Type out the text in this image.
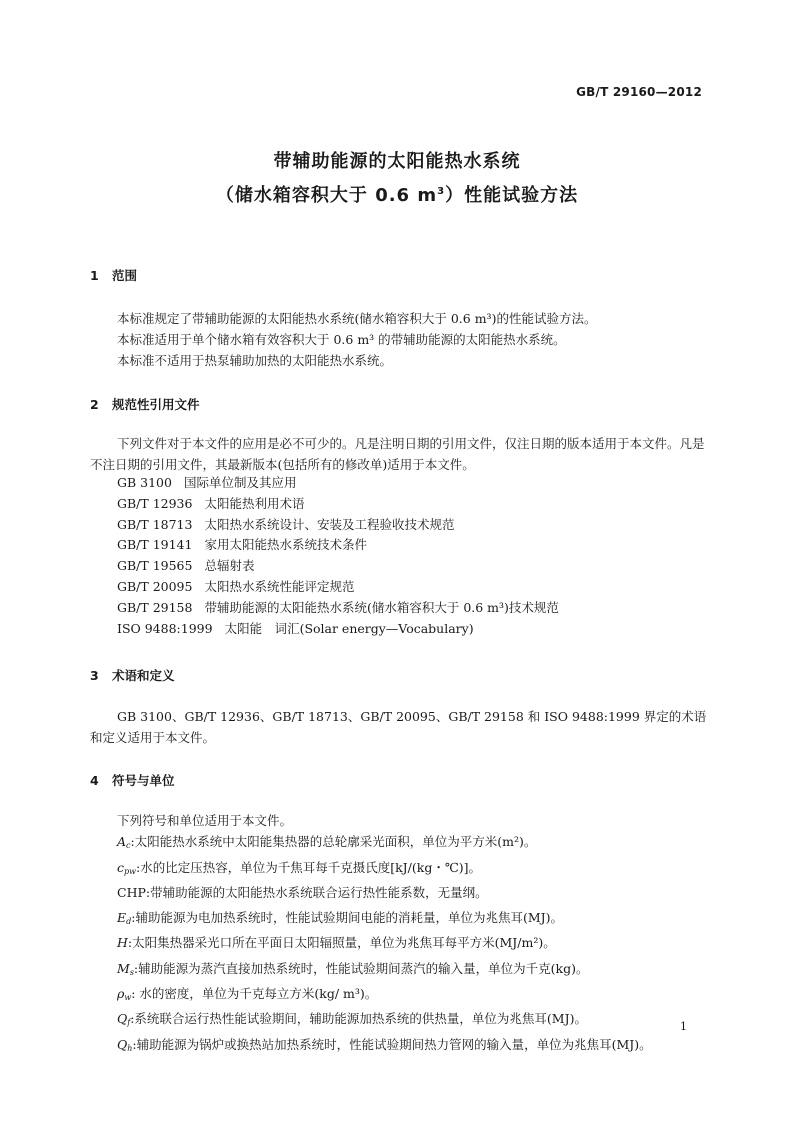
GB/T 29160—2012
带辅助能源的太阳能热水系统
（储水箱容积大于 0.6 $m^3$）性能试验方法
1 范围

本标准规定了带辅助能源的太阳能热水系统(储水箱容积大于 0.6 m³)的性能试验方法。

本标准适用于单个储水箱有效容积大于 0.6 m³ 的带辅助能源的太阳能热水系统。

本标准不适用于热泵辅助加热的太阳能热水系统。

2 规范性引用文件

下列文件对于本文件的应用是必不可少的。凡是注明日期的引用文件，仅注日期的版本适用于本文件。凡是不注日期的引用文件，其最新版本(包括所有的修改单)适用于本文件。

GB 3100 国际单位制及其应用
GB/T 12936 太阳能热利用术语
GB/T 18713 太阳热水系统设计、安装及工程验收技术规范
GB/T 19141 家用太阳能热水系统技术条件
GB/T 19565 总辐射表
GB/T 20095 太阳热水系统性能评定规范
GB/T 29158 带辅助能源的太阳能热水系统(储水箱容积大于 0.6 m³)技术规范
ISO 9488:1999 太阳能　词汇(Solar energy—Vocabulary)
3 术语和定义

GB 3100、GB/T 12936、GB/T 18713、GB/T 20095、GB/T 29158 和 ISO 9488:1999 界定的术语和定义适用于本文件。

4 符号与单位
下列符号和单位适用于本文件。
$A_c$:太阳能热水系统中太阳能集热器的总轮廓采光面积，单位为平方米(m²)。
$c_{pw}$:水的比定压热容，单位为千焦耳每千克摄氏度[kJ/(kg・℃)]。
CHP:带辅助能源的太阳能热水系统联合运行热性能系数，无量纲。
$E_d$:辅助能源为电加热系统时，性能试验期间电能的消耗量，单位为兆焦耳(MJ)。
H:太阳集热器采光口所在平面日太阳辐照量，单位为兆焦耳每平方米(MJ/m²)。
$M_s$:辅助能源为蒸汽直接加热系统时，性能试验期间蒸汽的输入量，单位为千克(kg)。
$\rho_w$: 水的密度，单位为千克每立方米(kg/ m³)。
$Q_f$:系统联合运行热性能试验期间，辅助能源加热系统的供热量，单位为兆焦耳(MJ)。
$Q_h$:辅助能源为锅炉或换热站加热系统时，性能试验期间热力管网的输入量，单位为兆焦耳(MJ)。
1
